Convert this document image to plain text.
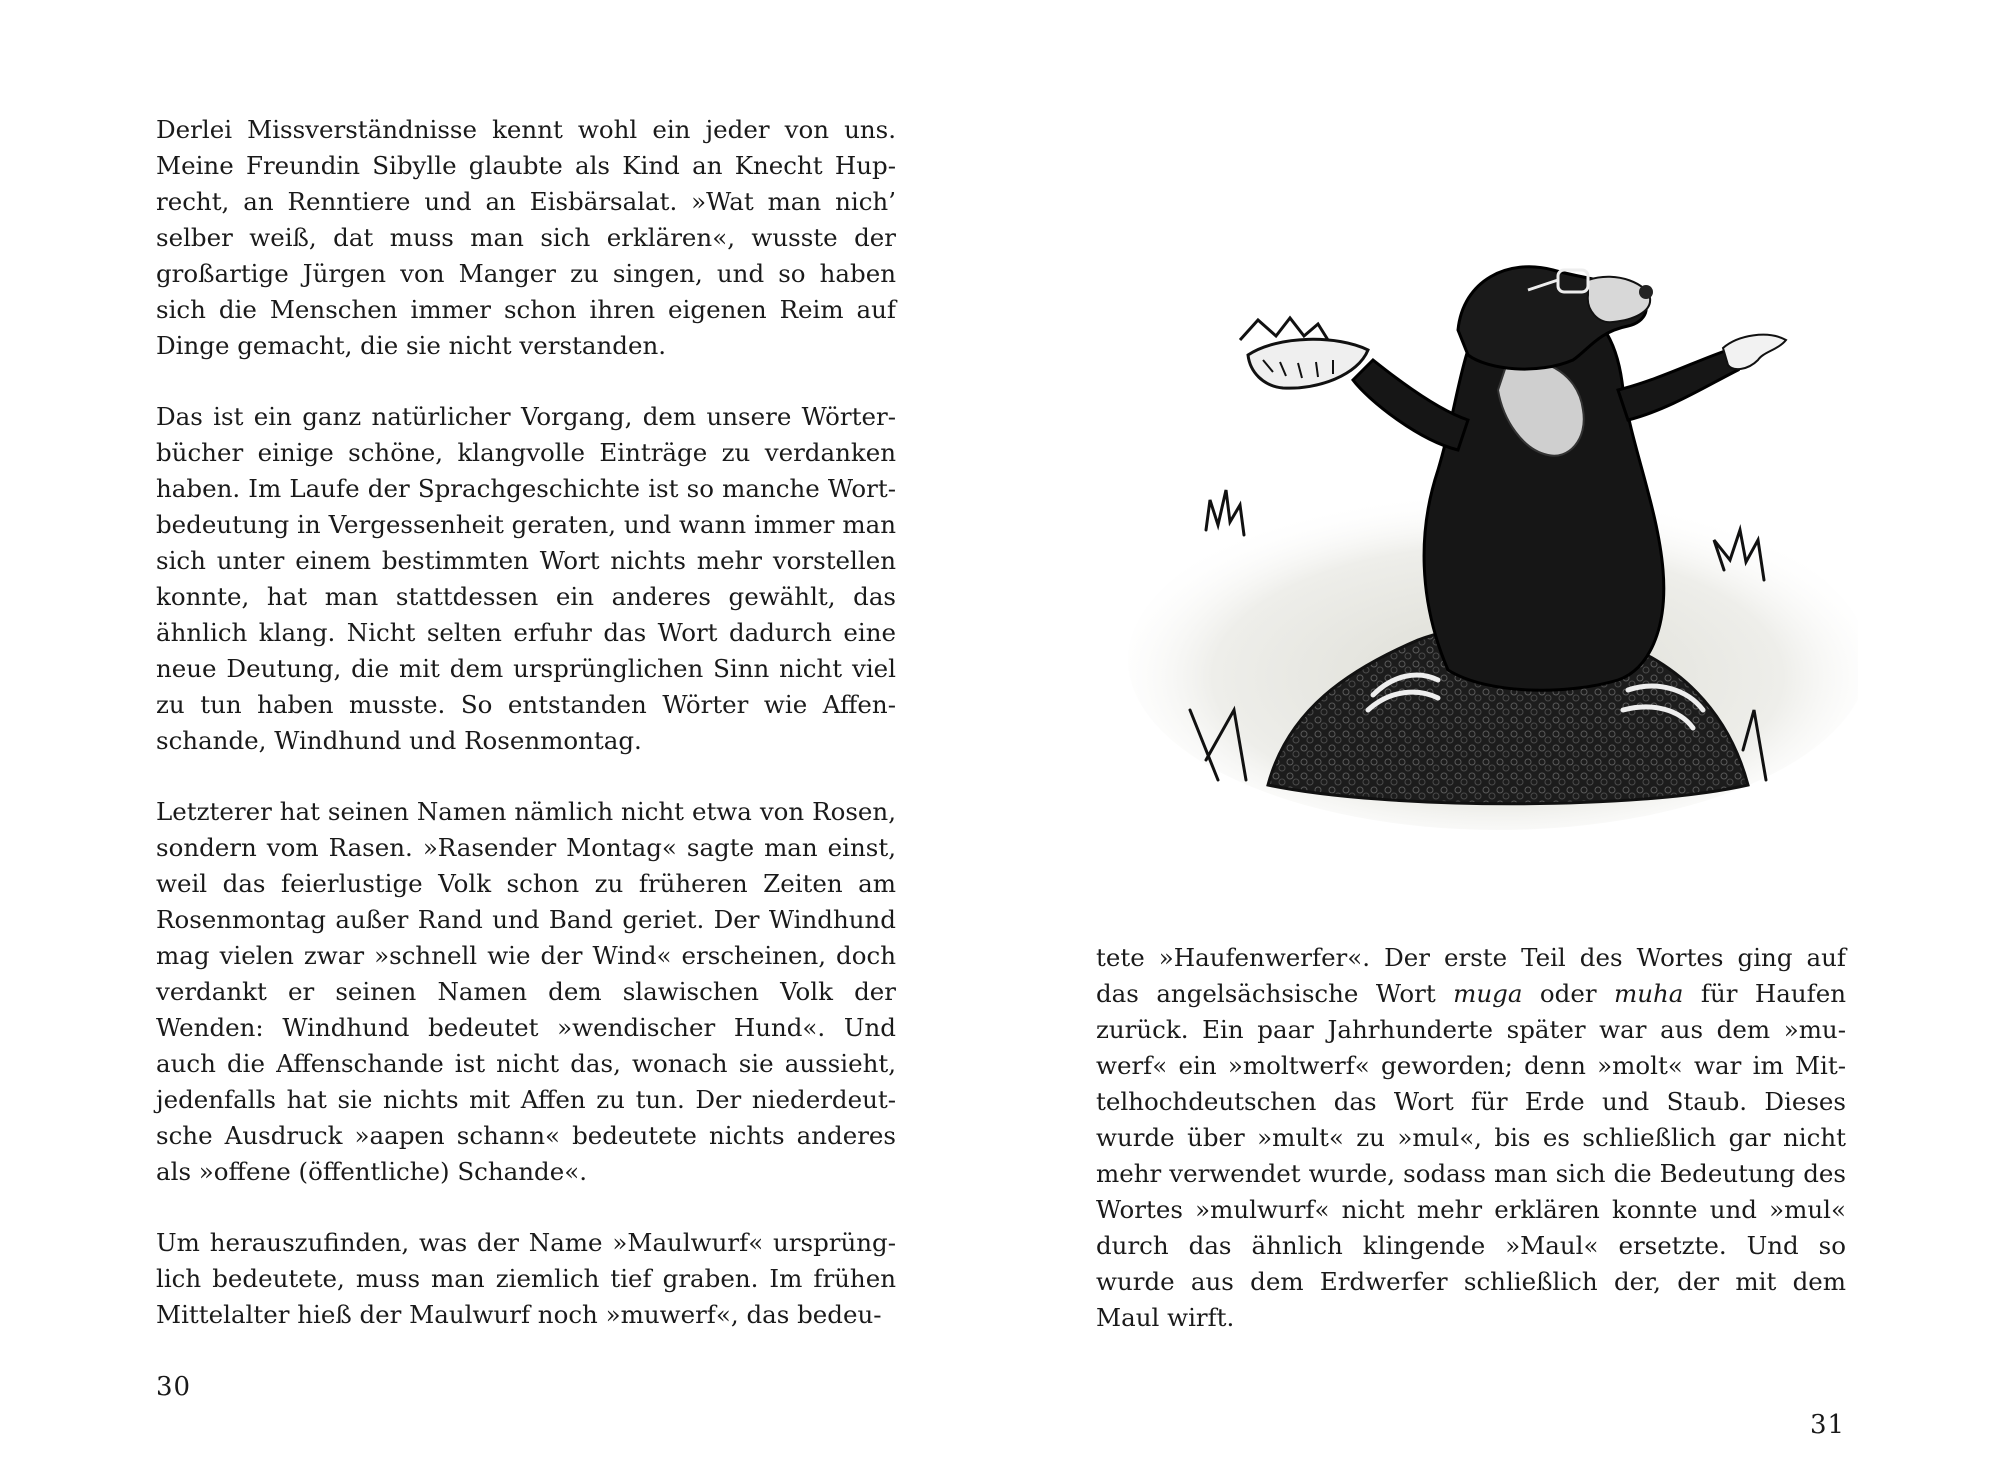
Derlei Missverständnisse kennt wohl ein jeder von uns. Meine Freundin Sibylle glaubte als Kind an Knecht Huprecht, an Renntiere und an Eisbärsalat. »Wat man nich’ selber weiß, dat muss man sich erklären«, wusste der großartige Jürgen von Manger zu singen, und so haben sich die Menschen immer schon ihren eigenen Reim auf Dinge gemacht, die sie nicht verstanden.

Das ist ein ganz natürlicher Vorgang, dem unsere Wörterbücher einige schöne, klangvolle Einträge zu verdanken haben. Im Laufe der Sprachgeschichte ist so manche Wortbedeutung in Vergessenheit geraten, und wann immer man sich unter einem bestimmten Wort nichts mehr vorstellen konnte, hat man stattdessen ein anderes gewählt, das ähnlich klang. Nicht selten erfuhr das Wort dadurch eine neue Deutung, die mit dem ursprünglichen Sinn nicht viel zu tun haben musste. So entstanden Wörter wie Affenschande, Windhund und Rosenmontag.

Letzterer hat seinen Namen nämlich nicht etwa von Rosen, sondern vom Rasen. »Rasender Montag« sagte man einst, weil das feierlustige Volk schon zu früheren Zeiten am Rosenmontag außer Rand und Band geriet. Der Windhund mag vielen zwar »schnell wie der Wind« erscheinen, doch verdankt er seinen Namen dem slawischen Volk der Wenden: Windhund bedeutet »wendischer Hund«. Und auch die Affenschande ist nicht das, wonach sie aussieht, jedenfalls hat sie nichts mit Affen zu tun. Der niederdeutsche Ausdruck »aapen schann« bedeutete nichts anderes als »offene (öffentliche) Schande«.

Um herauszufinden, was der Name »Maulwurf« ursprünglich bedeutete, muss man ziemlich tief graben. Im frühen Mittelalter hieß der Maulwurf noch »muwerf«, das bedeu-

30

tete »Haufenwerfer«. Der erste Teil des Wortes ging auf das angelsächsische Wort muga oder muha für Haufen zurück. Ein paar Jahrhunderte später war aus dem »muwerf« ein »moltwerf« geworden; denn »molt« war im Mittelhochdeutschen das Wort für Erde und Staub. Dieses wurde über »mult« zu »mul«, bis es schließlich gar nicht mehr verwendet wurde, sodass man sich die Bedeutung des Wortes »mulwurf« nicht mehr erklären konnte und »mul« durch das ähnlich klingende »Maul« ersetzte. Und so wurde aus dem Erdwerfer schließlich der, der mit dem Maul wirft.

31
